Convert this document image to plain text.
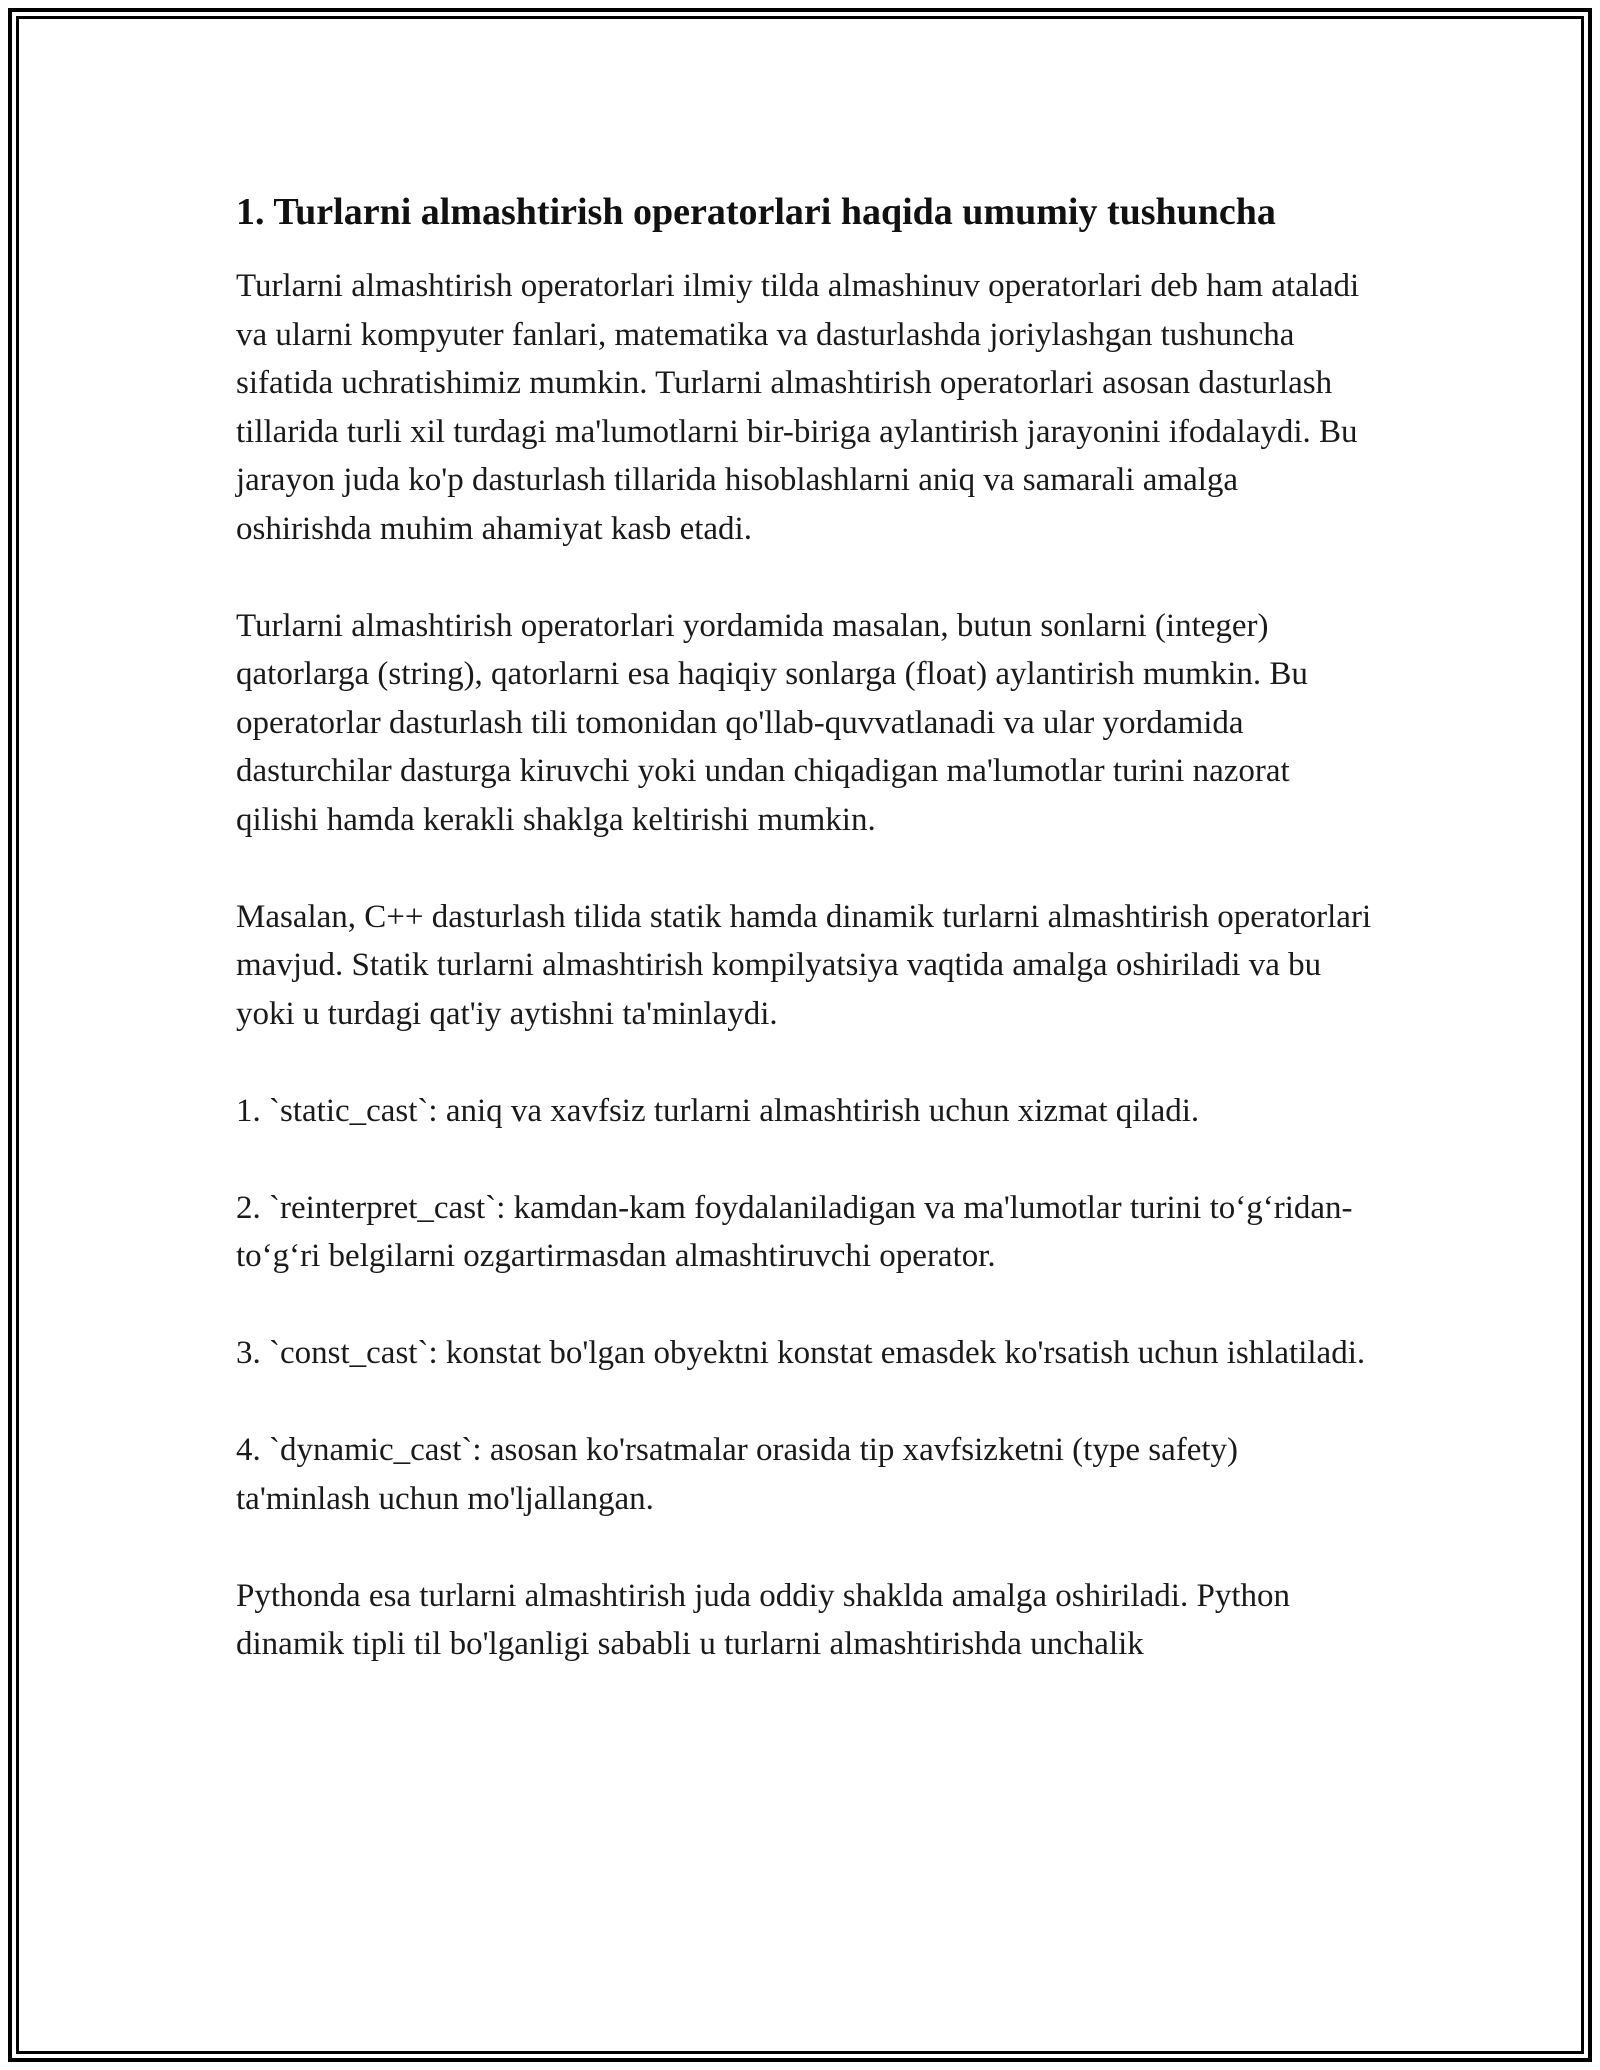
1. Turlarni almashtirish operatorlari haqida umumiy tushuncha

Turlarni almashtirish operatorlari ilmiy tilda almashinuv operatorlari deb ham ataladi va ularni kompyuter fanlari, matematika va dasturlashda joriylashgan tushuncha sifatida uchratishimiz mumkin. Turlarni almashtirish operatorlari asosan dasturlash tillarida turli xil turdagi ma'lumotlarni bir-biriga aylantirish jarayonini ifodalaydi. Bu jarayon juda ko'p dasturlash tillarida hisoblashlarni aniq va samarali amalga oshirishda muhim ahamiyat kasb etadi.

Turlarni almashtirish operatorlari yordamida masalan, butun sonlarni (integer) qatorlarga (string), qatorlarni esa haqiqiy sonlarga (float) aylantirish mumkin. Bu operatorlar dasturlash tili tomonidan qo'llab-quvvatlanadi va ular yordamida dasturchilar dasturga kiruvchi yoki undan chiqadigan ma'lumotlar turini nazorat qilishi hamda kerakli shaklga keltirishi mumkin.

Masalan, C++ dasturlash tilida statik hamda dinamik turlarni almashtirish operatorlari mavjud. Statik turlarni almashtirish kompilyatsiya vaqtida amalga oshiriladi va bu yoki u turdagi qat'iy aytishni ta'minlaydi.

1. `static_cast`: aniq va xavfsiz turlarni almashtirish uchun xizmat qiladi.

2. `reinterpret_cast`: kamdan-kam foydalaniladigan va ma'lumotlar turini to‘g‘ridan-to‘g‘ri belgilarni ozgartirmasdan almashtiruvchi operator.

3. `const_cast`: konstat bo'lgan obyektni konstat emasdek ko'rsatish uchun ishlatiladi.

4. `dynamic_cast`: asosan ko'rsatmalar orasida tip xavfsizketni (type safety) ta'minlash uchun mo'ljallangan.

Pythonda esa turlarni almashtirish juda oddiy shaklda amalga oshiriladi. Python dinamik tipli til bo'lganligi sababli u turlarni almashtirishda unchalik
